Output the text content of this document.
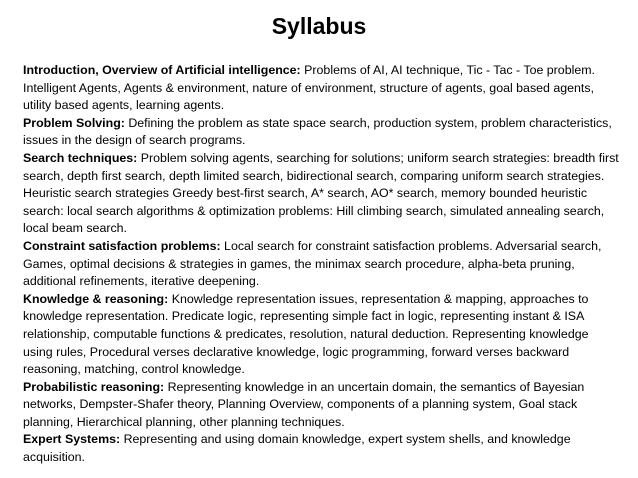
Syllabus

Introduction, Overview of Artificial intelligence: Problems of AI, AI technique, Tic - Tac - Toe problem. Intelligent Agents, Agents & environment, nature of environment, structure of agents, goal based agents, utility based agents, learning agents.

Problem Solving: Defining the problem as state space search, production system, problem characteristics, issues in the design of search programs.

Search techniques: Problem solving agents, searching for solutions; uniform search strategies: breadth first search, depth first search, depth limited search, bidirectional search, comparing uniform search strategies. Heuristic search strategies Greedy best-first search, A* search, AO* search, memory bounded heuristic search: local search algorithms & optimization problems: Hill climbing search, simulated annealing search, local beam search.

Constraint satisfaction problems: Local search for constraint satisfaction problems. Adversarial search, Games, optimal decisions & strategies in games, the minimax search procedure, alpha-beta pruning, additional refinements, iterative deepening.

Knowledge & reasoning: Knowledge representation issues, representation & mapping, approaches to knowledge representation. Predicate logic, representing simple fact in logic, representing instant & ISA relationship, computable functions & predicates, resolution, natural deduction. Representing knowledge using rules, Procedural verses declarative knowledge, logic programming, forward verses backward reasoning, matching, control knowledge.

Probabilistic reasoning: Representing knowledge in an uncertain domain, the semantics of Bayesian networks, Dempster-Shafer theory, Planning Overview, components of a planning system, Goal stack planning, Hierarchical planning, other planning techniques.

Expert Systems: Representing and using domain knowledge, expert system shells, and knowledge acquisition.
